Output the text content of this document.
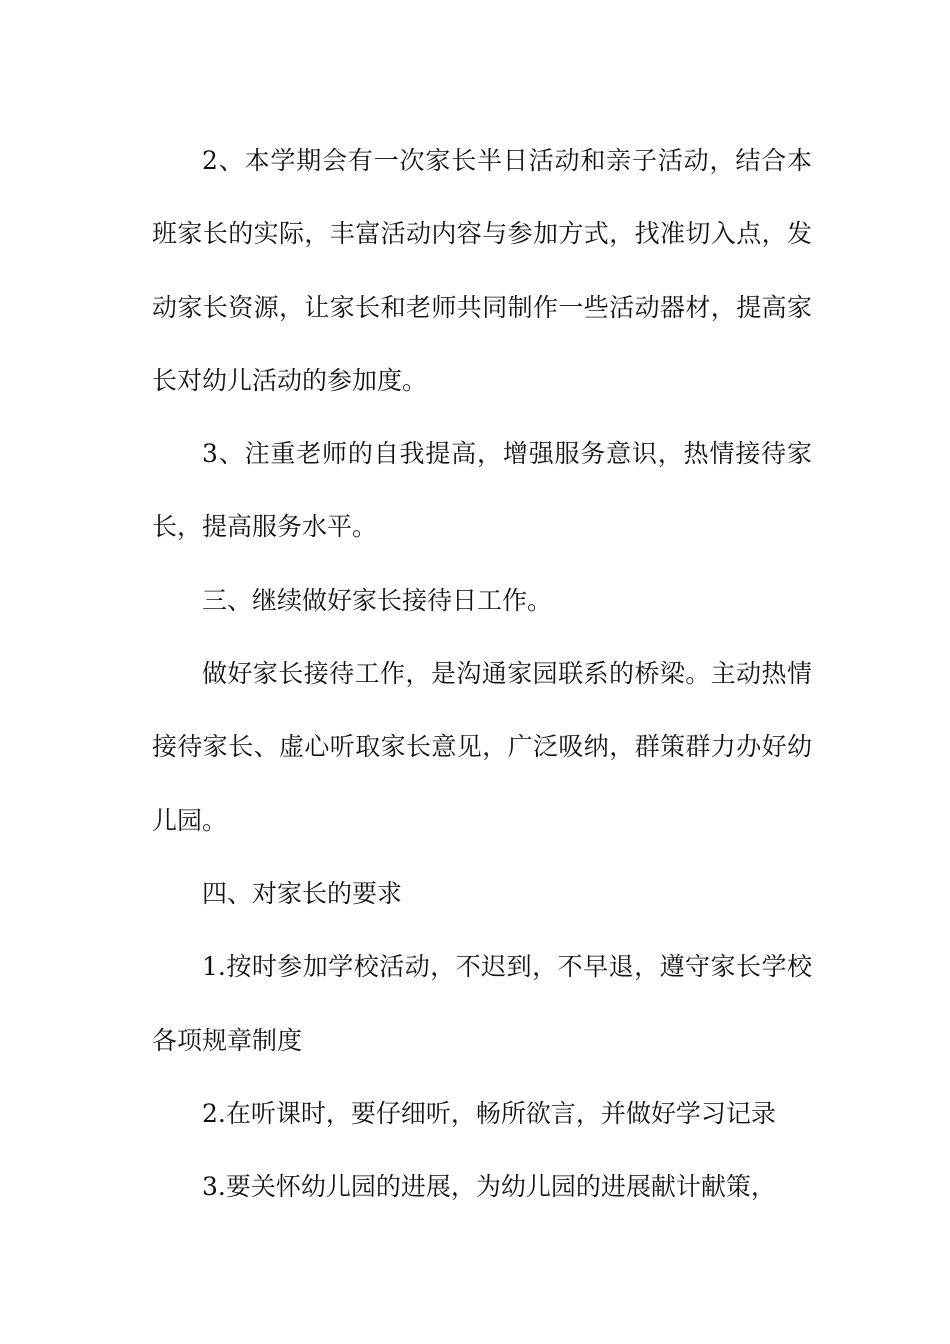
2、本学期会有一次家长半日活动和亲子活动，结合本班家长的实际，丰富活动内容与参加方式，找准切入点，发动家长资源，让家长和老师共同制作一些活动器材，提高家长对幼儿活动的参加度。

3、注重老师的自我提高，增强服务意识，热情接待家长，提高服务水平。

三、继续做好家长接待日工作。

做好家长接待工作，是沟通家园联系的桥梁。主动热情接待家长、虚心听取家长意见，广泛吸纳，群策群力办好幼儿园。

四、对家长的要求

1.按时参加学校活动，不迟到，不早退，遵守家长学校各项规章制度

2.在听课时，要仔细听，畅所欲言，并做好学习记录

3.要关怀幼儿园的进展，为幼儿园的进展献计献策，
